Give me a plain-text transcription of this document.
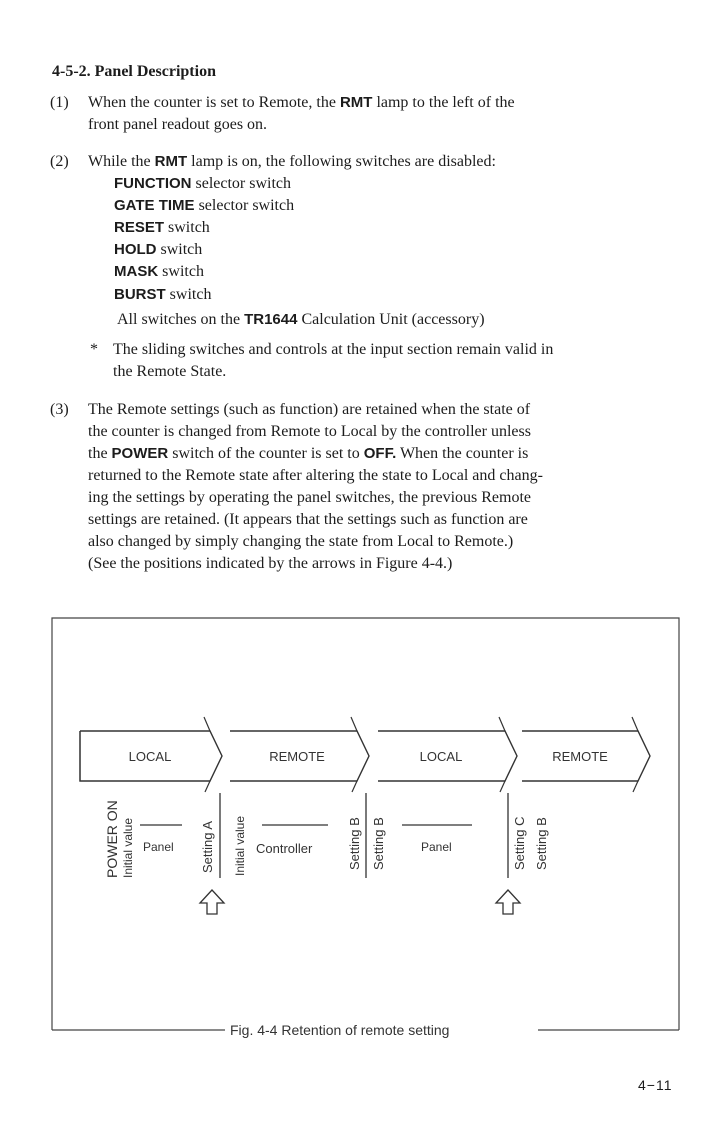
4-5-2. Panel Description
(1) When the counter is set to Remote, the RMT lamp to the left of the
front panel readout goes on.
(2) While the RMT lamp is on, the following switches are disabled:
FUNCTION selector switch
GATE TIME selector switch
RESET switch
HOLD switch
MASK switch
BURST switch
All switches on the TR1644 Calculation Unit (accessory)
* The sliding switches and controls at the input section remain valid in
the Remote State.
(3) The Remote settings (such as function) are retained when the state of
the counter is changed from Remote to Local by the controller unless
the POWER switch of the counter is set to OFF. When the counter is
returned to the Remote state after altering the state to Local and chang-
ing the settings by operating the panel switches, the previous Remote
settings are retained. (It appears that the settings such as function are
also changed by simply changing the state from Local to Remote.)
(See the positions indicated by the arrows in Figure 4-4.)
LOCAL	REMOTE	LOCAL	REMOTE
POWER ON Initial value	Setting A Initial value	Setting B Setting B	Setting C Setting B
Panel	Controller	Panel
Fig. 4-4 Retention of remote setting
4−11
